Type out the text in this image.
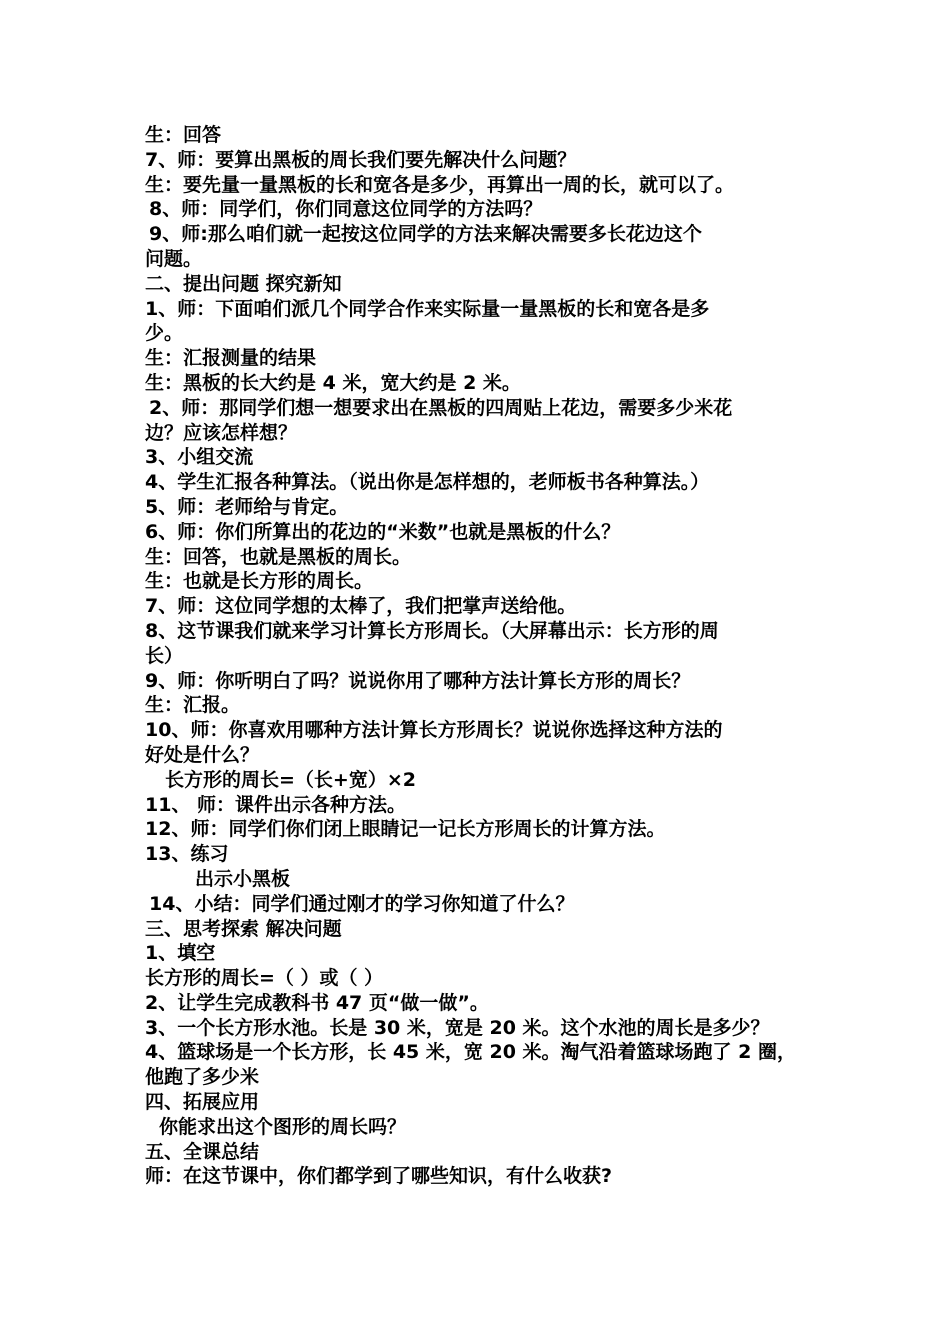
生：回答
7、师：要算出黑板的周长我们要先解决什么问题？
生：要先量一量黑板的长和宽各是多少，再算出一周的长，就可以了。
8、师：同学们，你们同意这位同学的方法吗？
9、师:那么咱们就一起按这位同学的方法来解决需要多长花边这个
问题。
二、提出问题 探究新知
1、师：下面咱们派几个同学合作来实际量一量黑板的长和宽各是多
少。
生：汇报测量的结果
生：黑板的长大约是 4 米，宽大约是 2 米。
2、师：那同学们想一想要求出在黑板的四周贴上花边，需要多少米花
边？应该怎样想？
3、小组交流
4、学生汇报各种算法。（说出你是怎样想的，老师板书各种算法。）
5、师：老师给与肯定。
6、师：你们所算出的花边的“米数”也就是黑板的什么？
生：回答，也就是黑板的周长。
生：也就是长方形的周长。
7、师：这位同学想的太棒了，我们把掌声送给他。
8、这节课我们就来学习计算长方形周长。（大屏幕出示：长方形的周
长）
9、师：你听明白了吗？说说你用了哪种方法计算长方形的周长？
生：汇报。
10、师：你喜欢用哪种方法计算长方形周长？说说你选择这种方法的
好处是什么？
长方形的周长=（长+宽）×2
11、 师：课件出示各种方法。
12、师：同学们你们闭上眼睛记一记长方形周长的计算方法。
13、练习
出示小黑板
14、小结：同学们通过刚才的学习你知道了什么？
三、思考探索 解决问题
1、填空
长方形的周长=（ ）或（ ）
2、让学生完成教科书 47 页“做一做”。
3、一个长方形水池。长是 30 米，宽是 20 米。这个水池的周长是多少？
4、篮球场是一个长方形，长 45 米，宽 20 米。淘气沿着篮球场跑了 2 圈，
他跑了多少米
四、拓展应用
你能求出这个图形的周长吗？
五、全课总结
师：在这节课中，你们都学到了哪些知识，有什么收获?
